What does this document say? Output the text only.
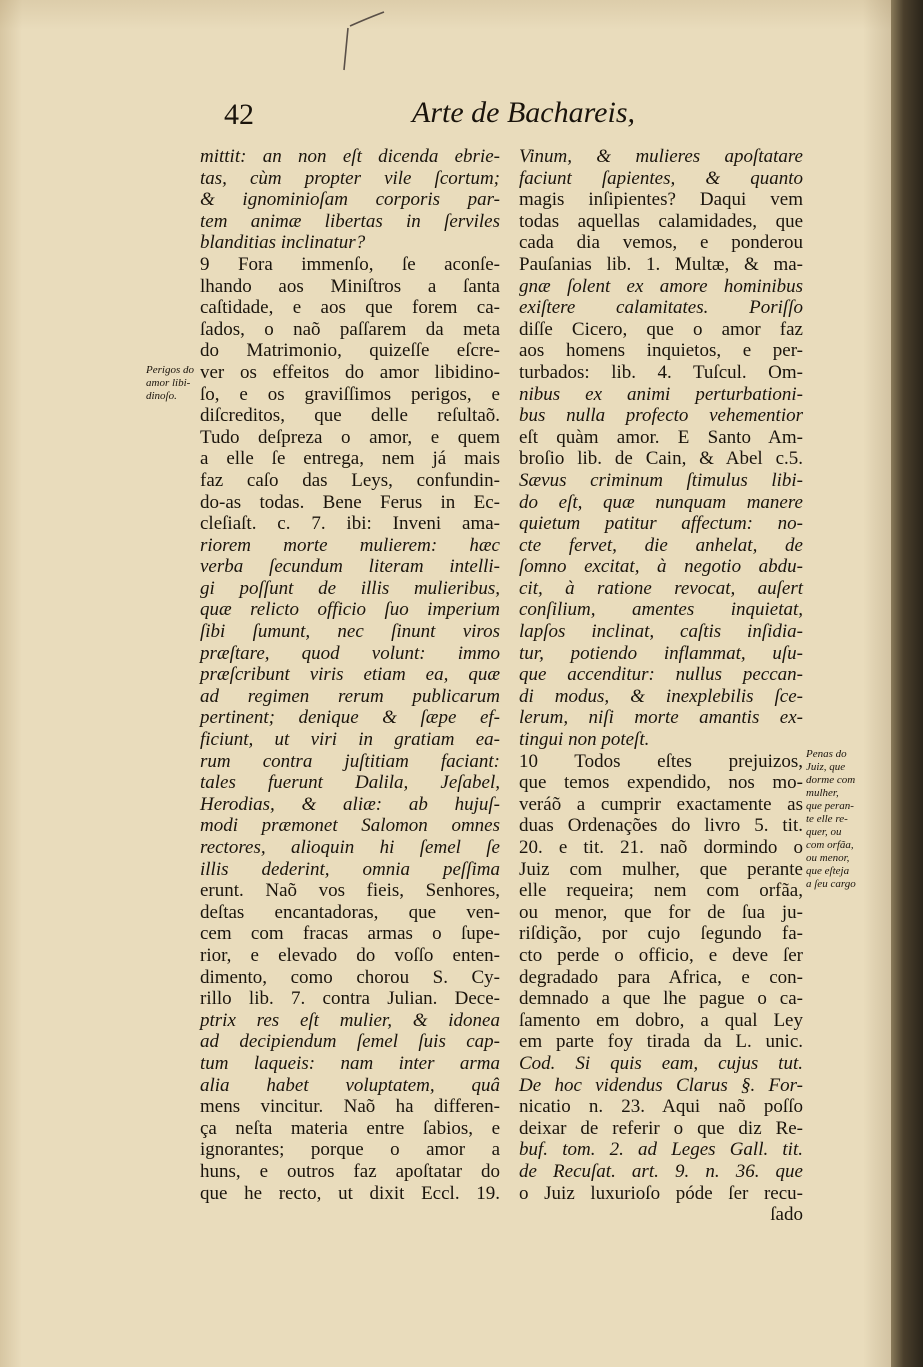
42	Arte de Bachareis,
mittit: an non eſt dicenda ebrie-
tas, cùm propter vile ſcortum;
& ignominioſam corporis par-
tem animæ libertas in ſerviles
blanditias inclinatur?
9 Fora immenſo, ſe aconſe-
lhando aos Miniſtros a ſanta
caſtidade, e aos que forem ca-
ſados, o naõ paſſarem da meta
do Matrimonio, quizeſſe eſcre-
ver os effeitos do amor libidino-
ſo, e os graviſſimos perigos, e
diſcreditos, que delle reſultaõ.
Tudo deſpreza o amor, e quem
a elle ſe entrega, nem já mais
faz caſo das Leys, confundin-
do-as todas. Bene Ferus in Ec-
cleſiaſt. c. 7. ibi: Inveni ama-
riorem morte mulierem: hæc
verba ſecundum literam intelli-
gi poſſunt de illis mulieribus,
quæ relicto officio ſuo imperium
ſibi ſumunt, nec ſinunt viros
præſtare, quod volunt: immo
præſcribunt viris etiam ea, quæ
ad regimen rerum publicarum
pertinent; denique & ſæpe ef-
ficiunt, ut viri in gratiam ea-
rum contra juſtitiam faciant:
tales fuerunt Dalila, Jeſabel,
Herodias, & aliæ: ab hujuſ-
modi præmonet Salomon omnes
rectores, alioquin hi ſemel ſe
illis dederint, omnia peſſima
erunt. Naõ vos fieis, Senhores,
deſtas encantadoras, que ven-
cem com fracas armas o ſupe-
rior, e elevado do voſſo enten-
dimento, como chorou S. Cy-
rillo lib. 7. contra Julian. Dece-
ptrix res eſt mulier, & idonea
ad decipiendum ſemel ſuis cap-
tum laqueis: nam inter arma
alia habet voluptatem, quâ
mens vincitur. Naõ ha differen-
ça neſta materia entre ſabios, e
ignorantes; porque o amor a
huns, e outros faz apoſtatar do
que he recto, ut dixit Eccl. 19.
Vinum, & mulieres apoſtatare
faciunt ſapientes, & quanto
magis inſipientes? Daqui vem
todas aquellas calamidades, que
cada dia vemos, e ponderou
Pauſanias lib. 1. Multæ, & ma-
gnæ ſolent ex amore hominibus
exiſtere calamitates. Poriſſo
diſſe Cicero, que o amor faz
aos homens inquietos, e per-
turbados: lib. 4. Tuſcul. Om-
nibus ex animi perturbationi-
bus nulla profecto vehementior
eſt quàm amor. E Santo Am-
broſio lib. de Cain, & Abel c.5.
Sævus criminum ſtimulus libi-
do eſt, quæ nunquam manere
quietum patitur affectum: no-
cte fervet, die anhelat, de
ſomno excitat, à negotio abdu-
cit, à ratione revocat, auſert
conſilium, amentes inquietat,
lapſos inclinat, caſtis inſidia-
tur, potiendo inflammat, uſu-
que accenditur: nullus peccan-
di modus, & inexplebilis ſce-
lerum, niſi morte amantis ex-
tingui non poteſt.
10 Todos eſtes prejuizos,
que temos expendido, nos mo-
veráõ a cumprir exactamente as
duas Ordenações do livro 5. tit.
20. e tit. 21. naõ dormindo o
Juiz com mulher, que perante
elle requeira; nem com orfãa,
ou menor, que for de ſua ju-
riſdição, por cujo ſegundo fa-
cto perde o officio, e deve ſer
degradado para Africa, e con-
demnado a que lhe pague o ca-
ſamento em dobro, a qual Ley
em parte foy tirada da L. unic.
Cod. Si quis eam, cujus tut.
De hoc videndus Clarus §. For-
nicatio n. 23. Aqui naõ poſſo
deixar de referir o que diz Re-
buf. tom. 2. ad Leges Gall. tit.
de Recuſat. art. 9. n. 36. que
o Juiz luxurioſo póde ſer recu-
ſado
Perigos do
amor libi-
dinoſo.
Penas do
Juiz, que
dorme com
mulher,
que peran-
te elle re-
quer, ou
com orfãa,
ou menor,
que eſteja
a ſeu cargo
